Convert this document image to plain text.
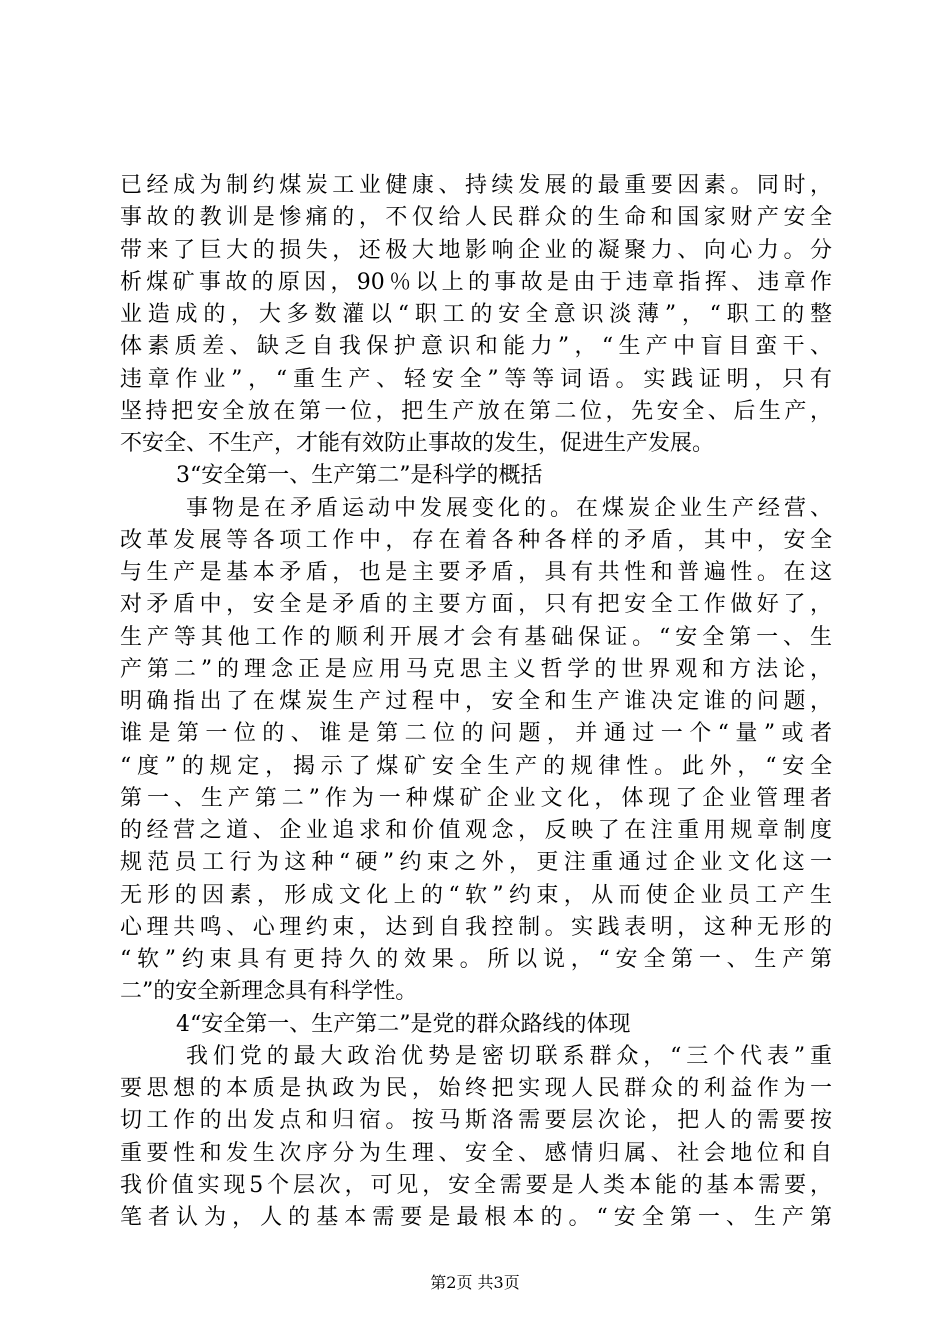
已经成为制约煤炭工业健康、持续发展的最重要因素。同时，
事故的教训是惨痛的，不仅给人民群众的生命和国家财产安全
带来了巨大的损失，还极大地影响企业的凝聚力、向心力。分
析煤矿事故的原因，90％以上的事故是由于违章指挥、违章作
业造成的，大多数灌以“职工的安全意识淡薄”，“职工的整
体素质差、缺乏自我保护意识和能力”，“生产中盲目蛮干、
违章作业”，“重生产、轻安全”等等词语。实践证明，只有
坚持把安全放在第一位，把生产放在第二位，先安全、后生产，
不安全、不生产，才能有效防止事故的发生，促进生产发展。
3“安全第一、生产第二”是科学的概括
事物是在矛盾运动中发展变化的。在煤炭企业生产经营、
改革发展等各项工作中，存在着各种各样的矛盾，其中，安全
与生产是基本矛盾，也是主要矛盾，具有共性和普遍性。在这
对矛盾中，安全是矛盾的主要方面，只有把安全工作做好了，
生产等其他工作的顺利开展才会有基础保证。“安全第一、生
产第二”的理念正是应用马克思主义哲学的世界观和方法论，
明确指出了在煤炭生产过程中，安全和生产谁决定谁的问题，
谁是第一位的、谁是第二位的问题，并通过一个“量”或者
“度”的规定，揭示了煤矿安全生产的规律性。此外，“安全
第一、生产第二”作为一种煤矿企业文化，体现了企业管理者
的经营之道、企业追求和价值观念，反映了在注重用规章制度
规范员工行为这种“硬”约束之外，更注重通过企业文化这一
无形的因素，形成文化上的“软”约束，从而使企业员工产生
心理共鸣、心理约束，达到自我控制。实践表明，这种无形的
“软”约束具有更持久的效果。所以说，“安全第一、生产第
二”的安全新理念具有科学性。
4“安全第一、生产第二”是党的群众路线的体现
我们党的最大政治优势是密切联系群众，“三个代表”重
要思想的本质是执政为民，始终把实现人民群众的利益作为一
切工作的出发点和归宿。按马斯洛需要层次论，把人的需要按
重要性和发生次序分为生理、安全、感情归属、社会地位和自
我价值实现5个层次，可见，安全需要是人类本能的基本需要，
笔者认为，人的基本需要是最根本的。“安全第一、生产第
第2页 共3页
